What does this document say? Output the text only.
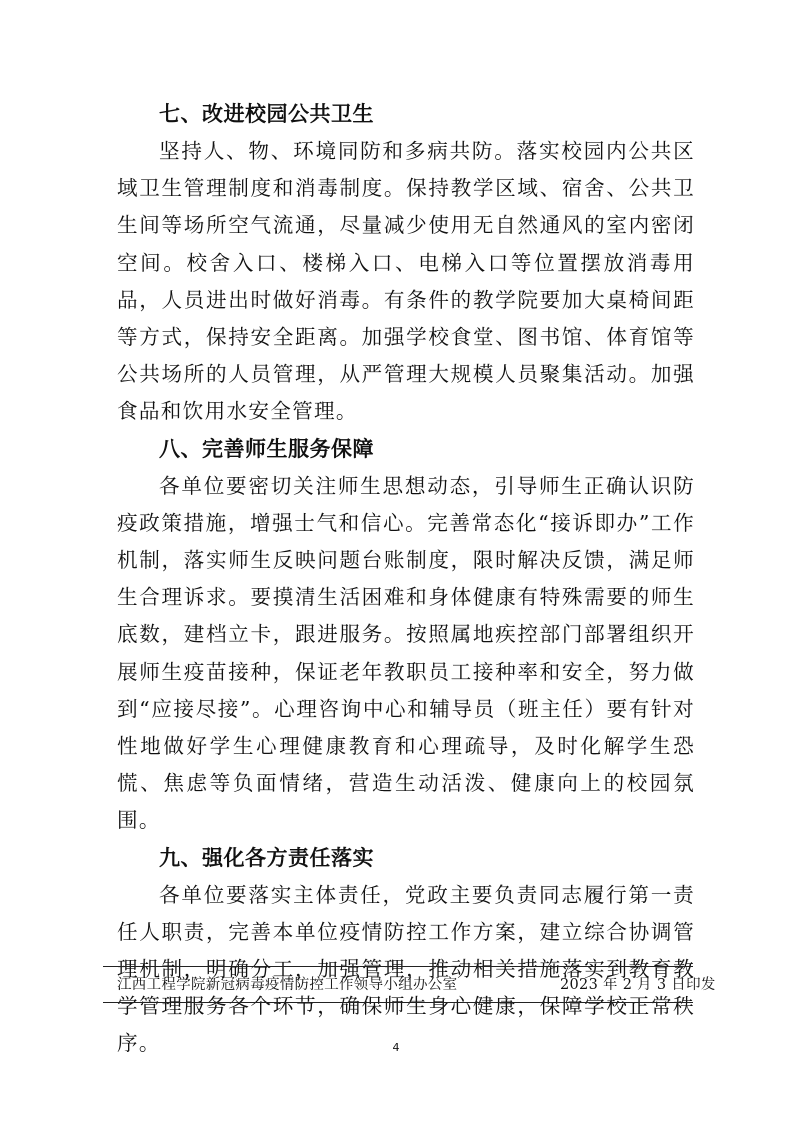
七、改进校园公共卫生

坚持人、物、环境同防和多病共防。落实校园内公共区域卫生管理制度和消毒制度。保持教学区域、宿舍、公共卫生间等场所空气流通，尽量减少使用无自然通风的室内密闭空间。校舍入口、楼梯入口、电梯入口等位置摆放消毒用品，人员进出时做好消毒。有条件的教学院要加大桌椅间距等方式，保持安全距离。加强学校食堂、图书馆、体育馆等公共场所的人员管理，从严管理大规模人员聚集活动。加强食品和饮用水安全管理。

八、完善师生服务保障

各单位要密切关注师生思想动态，引导师生正确认识防疫政策措施，增强士气和信心。完善常态化“接诉即办”工作机制，落实师生反映问题台账制度，限时解决反馈，满足师生合理诉求。要摸清生活困难和身体健康有特殊需要的师生底数，建档立卡，跟进服务。按照属地疾控部门部署组织开展师生疫苗接种，保证老年教职员工接种率和安全，努力做到“应接尽接”。心理咨询中心和辅导员（班主任）要有针对性地做好学生心理健康教育和心理疏导，及时化解学生恐慌、焦虑等负面情绪，营造生动活泼、健康向上的校园氛围。

九、强化各方责任落实

各单位要落实主体责任，党政主要负责同志履行第一责任人职责，完善本单位疫情防控工作方案，建立综合协调管理机制，明确分工，加强管理，推动相关措施落实到教育教学管理服务各个环节，确保师生身心健康，保障学校正常秩序。

江西工程学院新冠病毒疫情防控工作领导小组办公室	2023 年 2 月 3 日印发
4
